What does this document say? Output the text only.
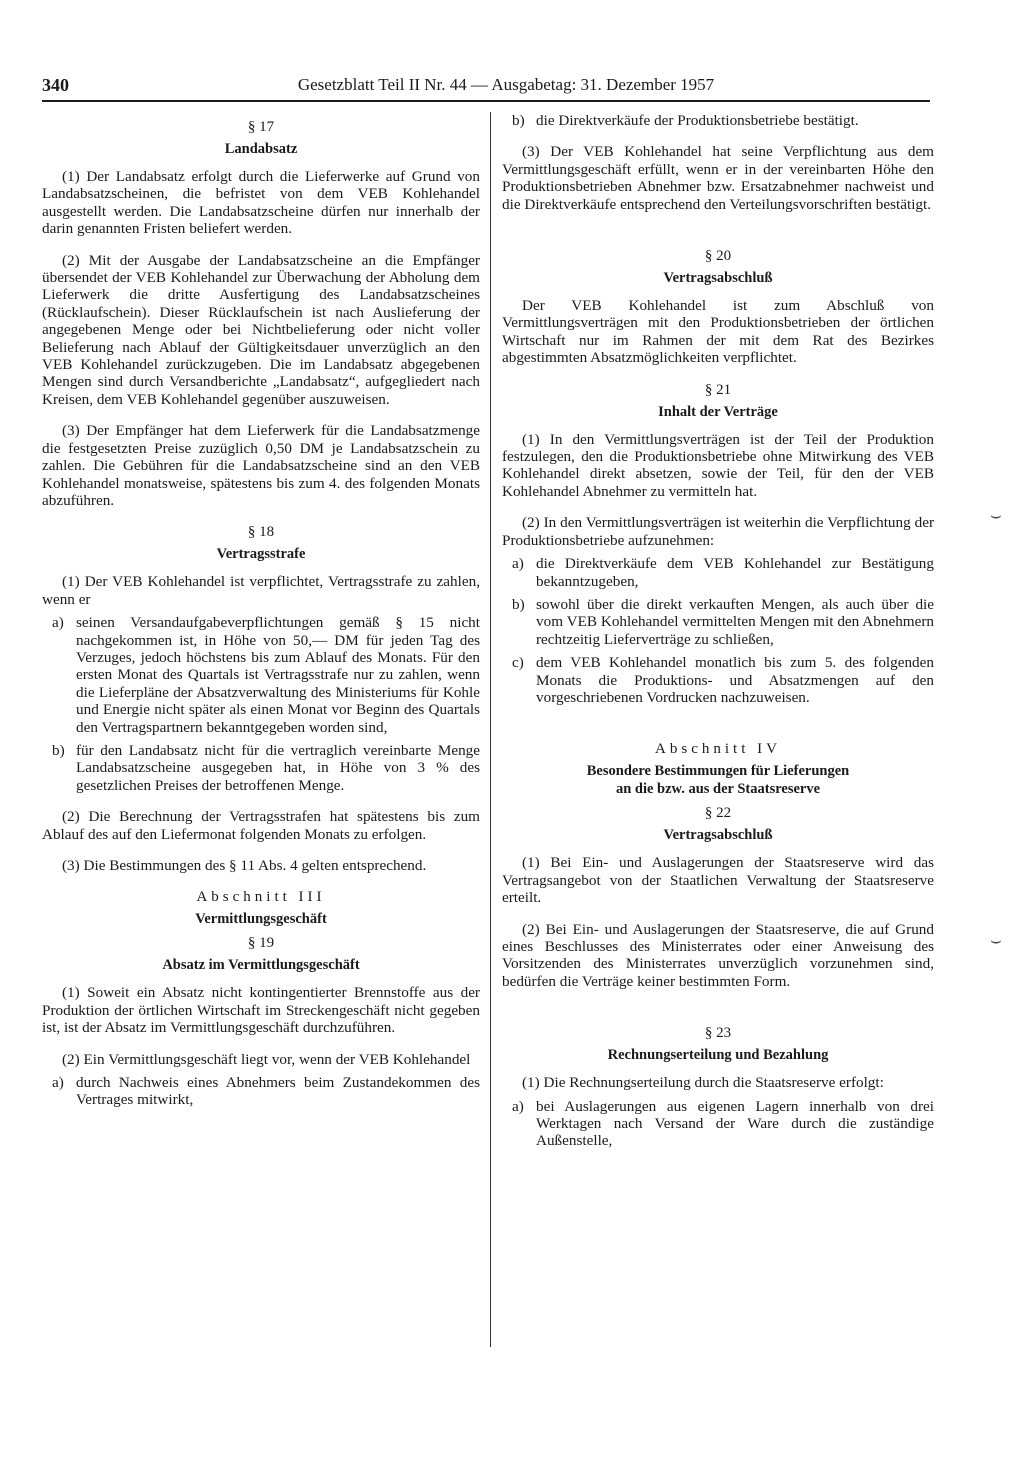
340	Gesetzblatt Teil II Nr. 44 — Ausgabetag: 31. Dezember 1957
§ 17
Landabsatz

(1) Der Landabsatz erfolgt durch die Lieferwerke auf Grund von Landabsatzscheinen, die befristet von dem VEB Kohlehandel ausgestellt werden. Die Landabsatzscheine dürfen nur innerhalb der darin genannten Fristen beliefert werden.

(2) Mit der Ausgabe der Landabsatzscheine an die Empfänger übersendet der VEB Kohlehandel zur Überwachung der Abholung dem Lieferwerk die dritte Ausfertigung des Landabsatzscheines (Rücklaufschein). Dieser Rücklaufschein ist nach Auslieferung der angegebenen Menge oder bei Nichtbelieferung oder nicht voller Belieferung nach Ablauf der Gültigkeitsdauer unverzüglich an den VEB Kohlehandel zurückzugeben. Die im Landabsatz abgegebenen Mengen sind durch Versandberichte „Landabsatz“, aufgegliedert nach Kreisen, dem VEB Kohlehandel gegenüber auszuweisen.

(3) Der Empfänger hat dem Lieferwerk für die Landabsatzmenge die festgesetzten Preise zuzüglich 0,50 DM je Landabsatzschein zu zahlen. Die Gebühren für die Landabsatzscheine sind an den VEB Kohlehandel monatsweise, spätestens bis zum 4. des folgenden Monats abzuführen.

§ 18
Vertragsstrafe

(1) Der VEB Kohlehandel ist verpflichtet, Vertragsstrafe zu zahlen, wenn er

a) seinen Versandaufgabeverpflichtungen gemäß § 15 nicht nachgekommen ist, in Höhe von 50,— DM für jeden Tag des Verzuges, jedoch höchstens bis zum Ablauf des Monats. Für den ersten Monat des Quartals ist Vertragsstrafe nur zu zahlen, wenn die Lieferpläne der Absatzverwaltung des Ministeriums für Kohle und Energie nicht später als einen Monat vor Beginn des Quartals den Vertragspartnern bekanntgegeben worden sind,
b) für den Landabsatz nicht für die vertraglich vereinbarte Menge Landabsatzscheine ausgegeben hat, in Höhe von 3 % des gesetzlichen Preises der betroffenen Menge.

(2) Die Berechnung der Vertragsstrafen hat spätestens bis zum Ablauf des auf den Liefermonat folgenden Monats zu erfolgen.

(3) Die Bestimmungen des § 11 Abs. 4 gelten entsprechend.

Abschnitt III
Vermittlungsgeschäft
§ 19
Absatz im Vermittlungsgeschäft

(1) Soweit ein Absatz nicht kontingentierter Brennstoffe aus der Produktion der örtlichen Wirtschaft im Streckengeschäft nicht gegeben ist, ist der Absatz im Vermittlungsgeschäft durchzuführen.

(2) Ein Vermittlungsgeschäft liegt vor, wenn der VEB Kohlehandel

a) durch Nachweis eines Abnehmers beim Zustandekommen des Vertrages mitwirkt,
b) die Direktverkäufe der Produktionsbetriebe bestätigt.

(3) Der VEB Kohlehandel hat seine Verpflichtung aus dem Vermittlungsgeschäft erfüllt, wenn er in der vereinbarten Höhe den Produktionsbetrieben Abnehmer bzw. Ersatzabnehmer nachweist und die Direktverkäufe entsprechend den Verteilungsvorschriften bestätigt.

§ 20
Vertragsabschluß

Der VEB Kohlehandel ist zum Abschluß von Vermittlungsverträgen mit den Produktionsbetrieben der örtlichen Wirtschaft nur im Rahmen der mit dem Rat des Bezirkes abgestimmten Absatzmöglichkeiten verpflichtet.

§ 21
Inhalt der Verträge

(1) In den Vermittlungsverträgen ist der Teil der Produktion festzulegen, den die Produktionsbetriebe ohne Mitwirkung des VEB Kohlehandel direkt absetzen, sowie der Teil, für den der VEB Kohlehandel Abnehmer zu vermitteln hat.

(2) In den Vermittlungsverträgen ist weiterhin die Verpflichtung der Produktionsbetriebe aufzunehmen:

a) die Direktverkäufe dem VEB Kohlehandel zur Bestätigung bekanntzugeben,
b) sowohl über die direkt verkauften Mengen, als auch über die vom VEB Kohlehandel vermittelten Mengen mit den Abnehmern rechtzeitig Lieferverträge zu schließen,
c) dem VEB Kohlehandel monatlich bis zum 5. des folgenden Monats die Produktions- und Absatzmengen auf den vorgeschriebenen Vordrucken nachzuweisen.
Abschnitt IV
Besondere Bestimmungen für Lieferungen
an die bzw. aus der Staatsreserve
§ 22
Vertragsabschluß

(1) Bei Ein- und Auslagerungen der Staatsreserve wird das Vertragsangebot von der Staatlichen Verwaltung der Staatsreserve erteilt.

(2) Bei Ein- und Auslagerungen der Staatsreserve, die auf Grund eines Beschlusses des Ministerrates oder einer Anweisung des Vorsitzenden des Ministerrates unverzüglich vorzunehmen sind, bedürfen die Verträge keiner bestimmten Form.

§ 23
Rechnungserteilung und Bezahlung

(1) Die Rechnungserteilung durch die Staatsreserve erfolgt:

a) bei Auslagerungen aus eigenen Lagern innerhalb von drei Werktagen nach Versand der Ware durch die zuständige Außenstelle,
⌣
⌣
